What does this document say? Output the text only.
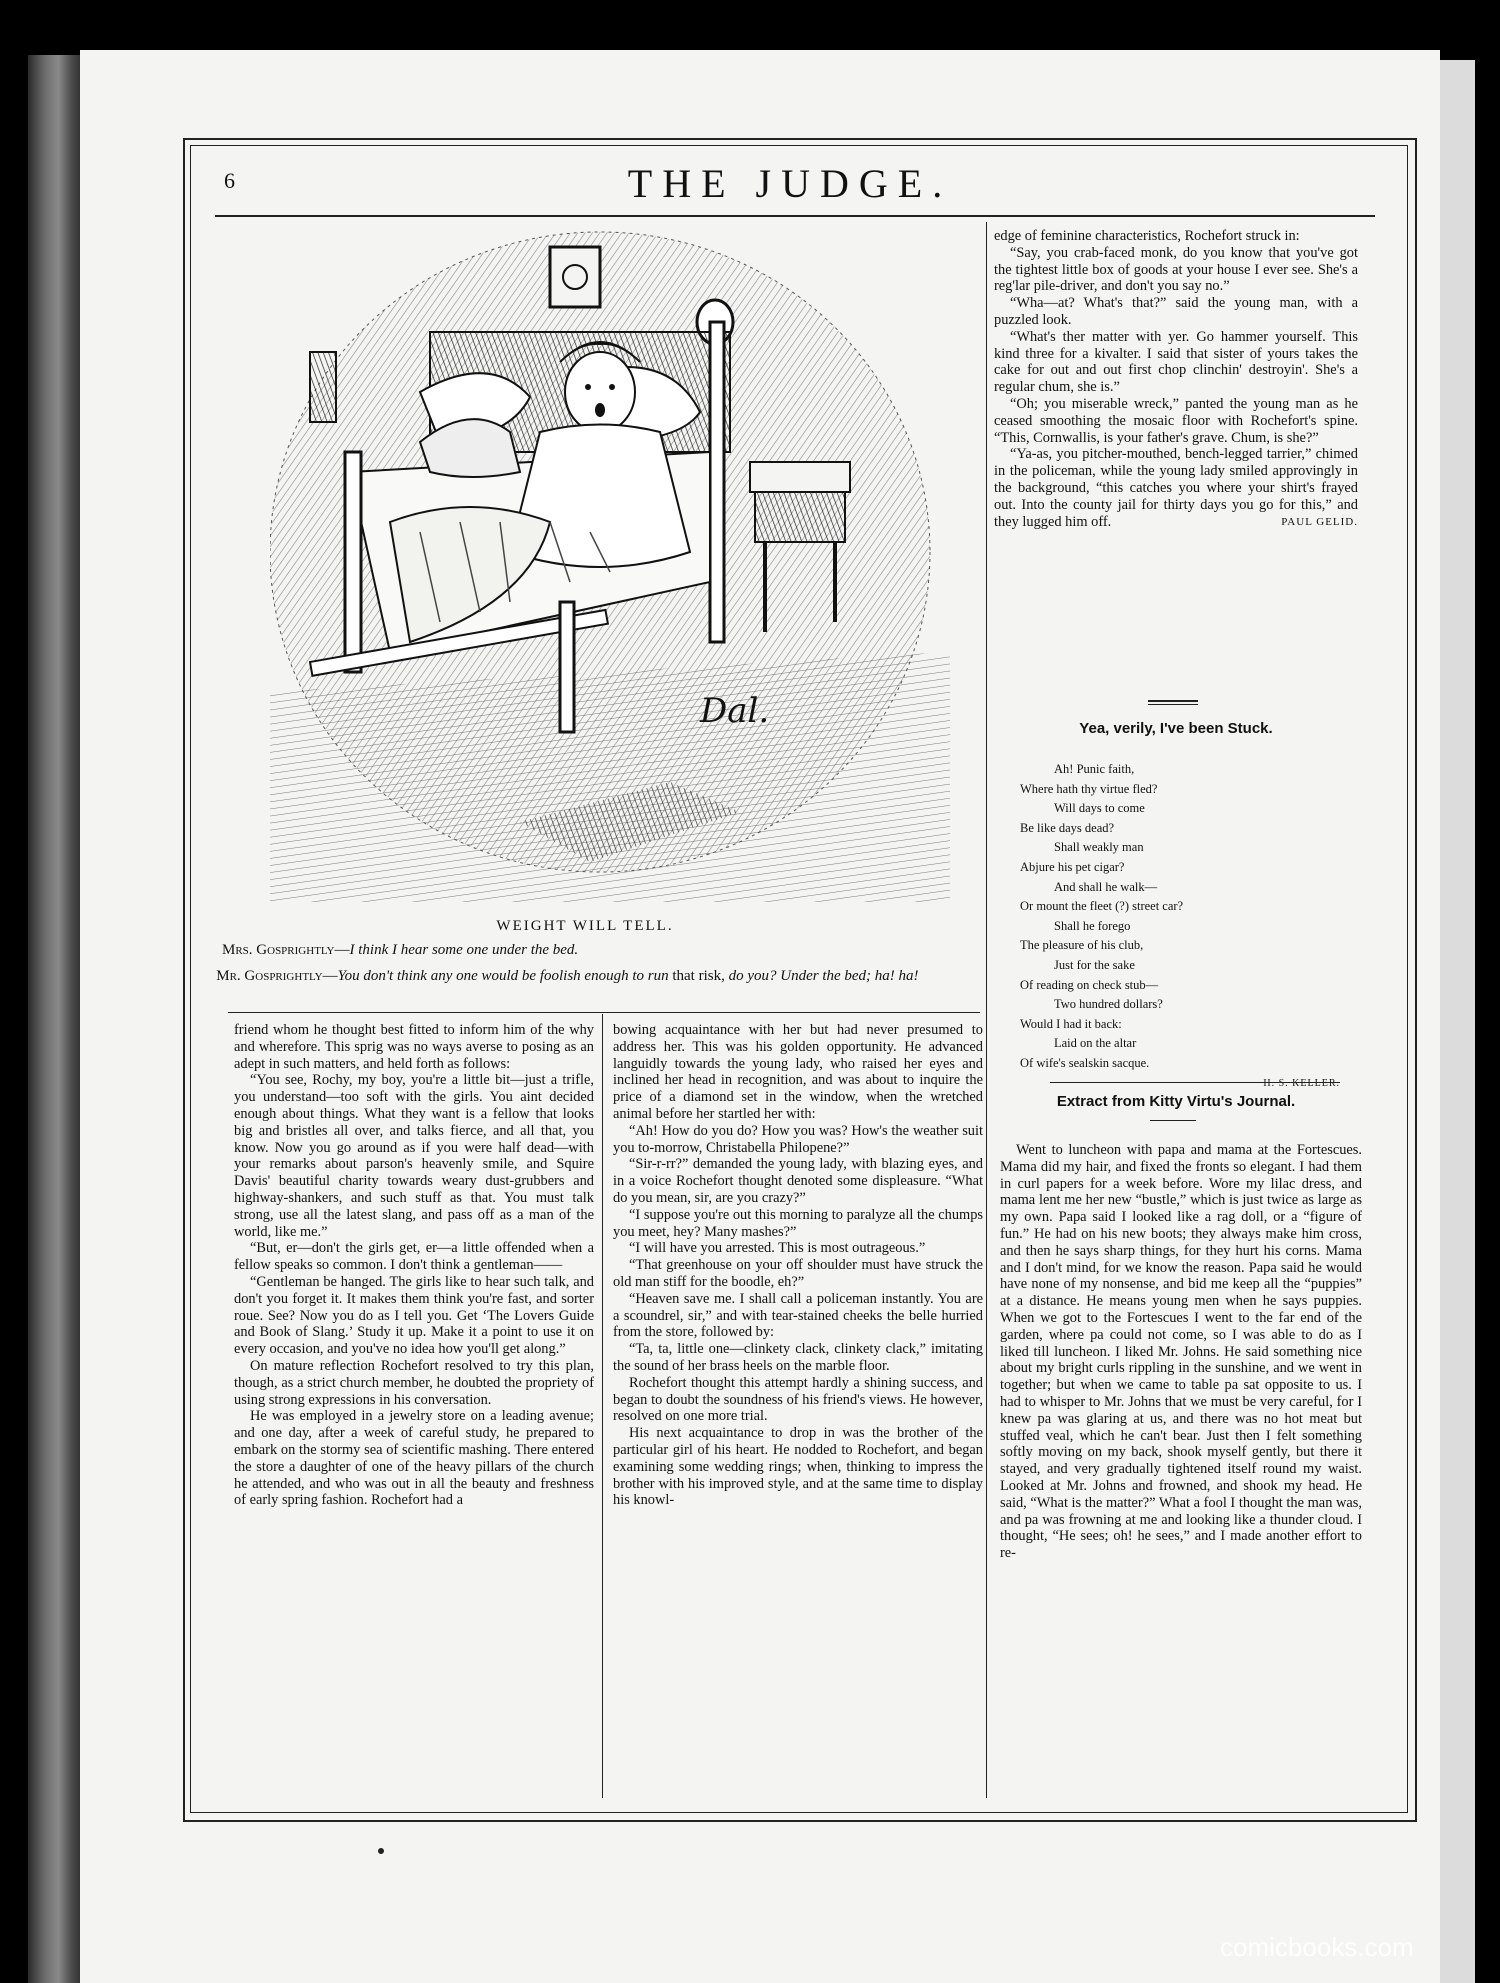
6	THE JUDGE.
Dal.
WEIGHT WILL TELL.
Mrs. Gosprightly—I think I hear some one under the bed.
Mr. Gosprightly—You don't think any one would be foolish enough to run that risk, do you? Under the bed; ha! ha!

friend whom he thought best fitted to inform him of the why and wherefore. This sprig was no ways averse to posing as an adept in such matters, and held forth as follows:

“You see, Rochy, my boy, you're a little bit—just a trifle, you understand—too soft with the girls. You aint decided enough about things. What they want is a fellow that looks big and bristles all over, and talks fierce, and all that, you know. Now you go around as if you were half dead—with your remarks about parson's heavenly smile, and Squire Davis' beautiful charity towards weary dust-grubbers and highway-shankers, and such stuff as that. You must talk strong, use all the latest slang, and pass off as a man of the world, like me.”

“But, er—don't the girls get, er—a little offended when a fellow speaks so common. I don't think a gentleman——

“Gentleman be hanged. The girls like to hear such talk, and don't you forget it. It makes them think you're fast, and sorter roue. See? Now you do as I tell you. Get ‘The Lovers Guide and Book of Slang.’ Study it up. Make it a point to use it on every occasion, and you've no idea how you'll get along.”

On mature reflection Rochefort resolved to try this plan, though, as a strict church member, he doubted the propriety of using strong expressions in his conversation.

He was employed in a jewelry store on a leading avenue; and one day, after a week of careful study, he prepared to embark on the stormy sea of scientific mashing. There entered the store a daughter of one of the heavy pillars of the church he attended, and who was out in all the beauty and freshness of early spring fashion. Rochefort had a

bowing acquaintance with her but had never presumed to address her. This was his golden opportunity. He advanced languidly towards the young lady, who raised her eyes and inclined her head in recognition, and was about to inquire the price of a diamond set in the window, when the wretched animal before her startled her with:

“Ah! How do you do? How you was? How's the weather suit you to-morrow, Christabella Philopene?”

“Sir-r-rr?” demanded the young lady, with blazing eyes, and in a voice Rochefort thought denoted some displeasure. “What do you mean, sir, are you crazy?”

“I suppose you're out this morning to paralyze all the chumps you meet, hey? Many mashes?”

“I will have you arrested. This is most outrageous.”

“That greenhouse on your off shoulder must have struck the old man stiff for the boodle, eh?”

“Heaven save me. I shall call a policeman instantly. You are a scoundrel, sir,” and with tear-stained cheeks the belle hurried from the store, followed by:

“Ta, ta, little one—clinkety clack, clinkety clack,” imitating the sound of her brass heels on the marble floor.

Rochefort thought this attempt hardly a shining success, and began to doubt the soundness of his friend's views. He however, resolved on one more trial.

His next acquaintance to drop in was the brother of the particular girl of his heart. He nodded to Rochefort, and began examining some wedding rings; when, thinking to impress the brother with his improved style, and at the same time to display his knowl-

edge of feminine characteristics, Rochefort struck in:

“Say, you crab-faced monk, do you know that you've got the tightest little box of goods at your house I ever see. She's a reg'lar pile-driver, and don't you say no.”

“Wha—at? What's that?” said the young man, with a puzzled look.

“What's ther matter with yer. Go hammer yourself. This kind three for a kivalter. I said that sister of yours takes the cake for out and out first chop clinchin' destroyin'. She's a regular chum, she is.”

“Oh; you miserable wreck,” panted the young man as he ceased smoothing the mosaic floor with Rochefort's spine. “This, Cornwallis, is your father's grave. Chum, is she?”

“Ya-as, you pitcher-mouthed, bench-legged tarrier,” chimed in the policeman, while the young lady smiled approvingly in the background, “this catches you where your shirt's frayed out. Into the county jail for thirty days you go for this,” and they lugged him off.	PAUL GELID.
Yea, verily, I've been Stuck.
Ah! Punic faith,
Where hath thy virtue fled?
Will days to come
Be like days dead?
Shall weakly man
Abjure his pet cigar?
And shall he walk—
Or mount the fleet (?) street car?
Shall he forego
The pleasure of his club,
Just for the sake
Of reading on check stub—
Two hundred dollars?
Would I had it back:
Laid on the altar
Of wife's sealskin sacque.
H. S. KELLER.
Extract from Kitty Virtu's Journal.

Went to luncheon with papa and mama at the Fortescues. Mama did my hair, and fixed the fronts so elegant. I had them in curl papers for a week before. Wore my lilac dress, and mama lent me her new “bustle,” which is just twice as large as my own. Papa said I looked like a rag doll, or a “figure of fun.” He had on his new boots; they always make him cross, and then he says sharp things, for they hurt his corns. Mama and I don't mind, for we know the reason. Papa said he would have none of my nonsense, and bid me keep all the “puppies” at a distance. He means young men when he says puppies. When we got to the Fortescues I went to the far end of the garden, where pa could not come, so I was able to do as I liked till luncheon. I liked Mr. Johns. He said something nice about my bright curls rippling in the sunshine, and we went in together; but when we came to table pa sat opposite to us. I had to whisper to Mr. Johns that we must be very careful, for I knew pa was glaring at us, and there was no hot meat but stuffed veal, which he can't bear. Just then I felt something softly moving on my back, shook myself gently, but there it stayed, and very gradually tightened itself round my waist. Looked at Mr. Johns and frowned, and shook my head. He said, “What is the matter?” What a fool I thought the man was, and pa was frowning at me and looking like a thunder cloud. I thought, “He sees; oh! he sees,” and I made another effort to re-

comicbooks.com
